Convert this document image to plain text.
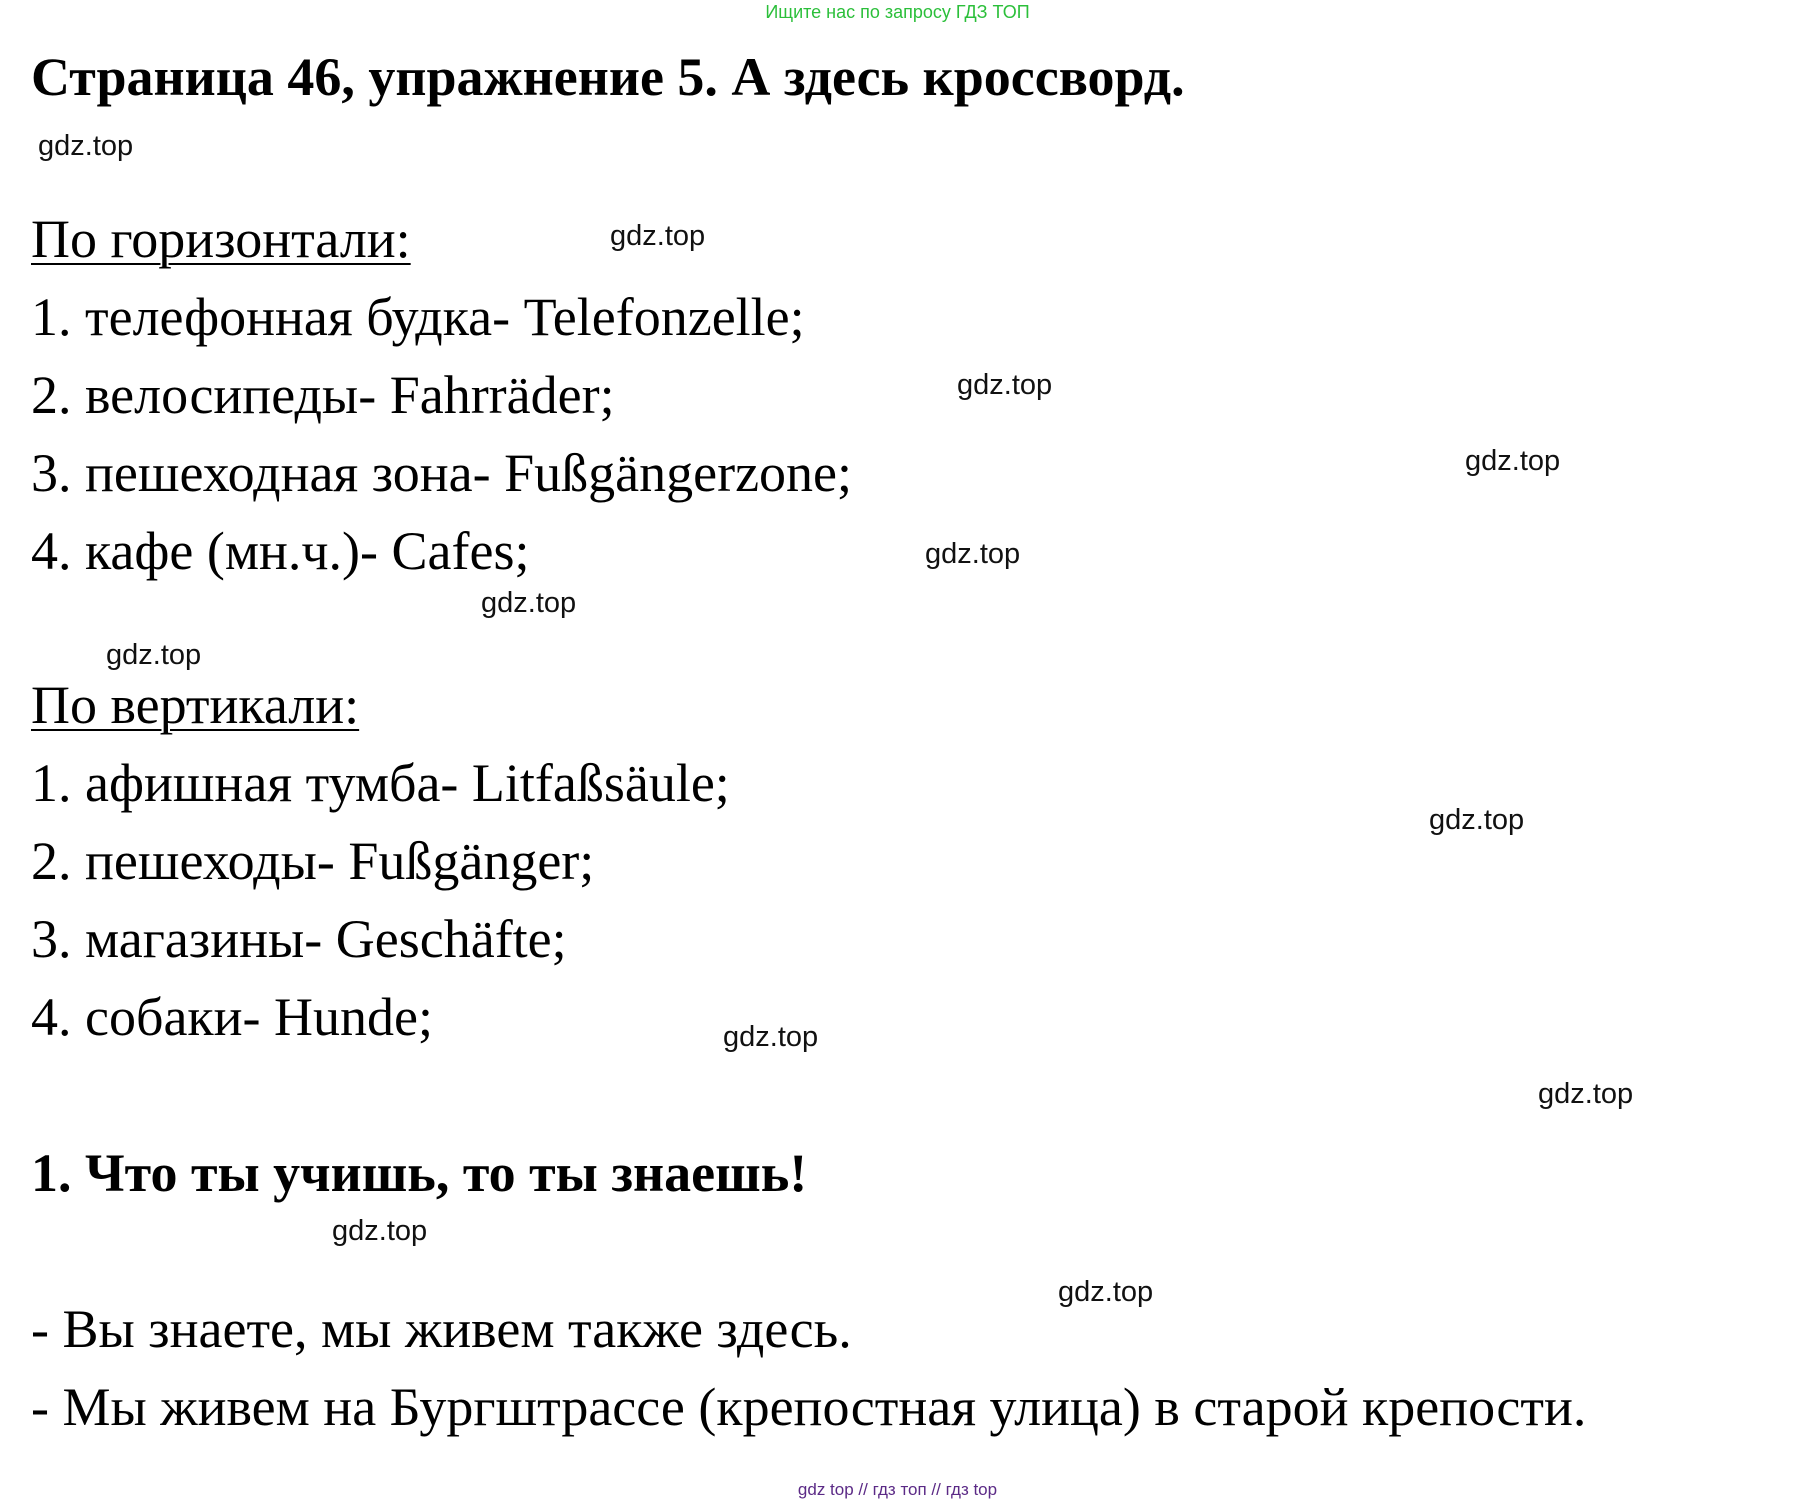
Ищите нас по запросу ГДЗ ТОП
Страница 46, упражнение 5. А здесь кроссворд.
gdz.top
gdz.top
gdz.top
gdz.top
gdz.top
gdz.top
gdz.top
gdz.top
gdz.top
gdz.top
gdz.top
gdz.top
По горизонтали:
1. телефонная будка- Telefonzelle;
2. велосипеды- Fahrräder;
3. пешеходная зона- Fußgängerzone;
4. кафе (мн.ч.)- Cafes;
По вертикали:
1. афишная тумба- Litfaßsäule;
2. пешеходы- Fußgänger;
3. магазины- Geschäfte;
4. собаки- Hunde;
1. Что ты учишь, то ты знаешь!
- Вы знаете, мы живем также здесь.
- Мы живем на Бургштрассе (крепостная улица) в старой крепости.
gdz top // гдз топ // гдз top
